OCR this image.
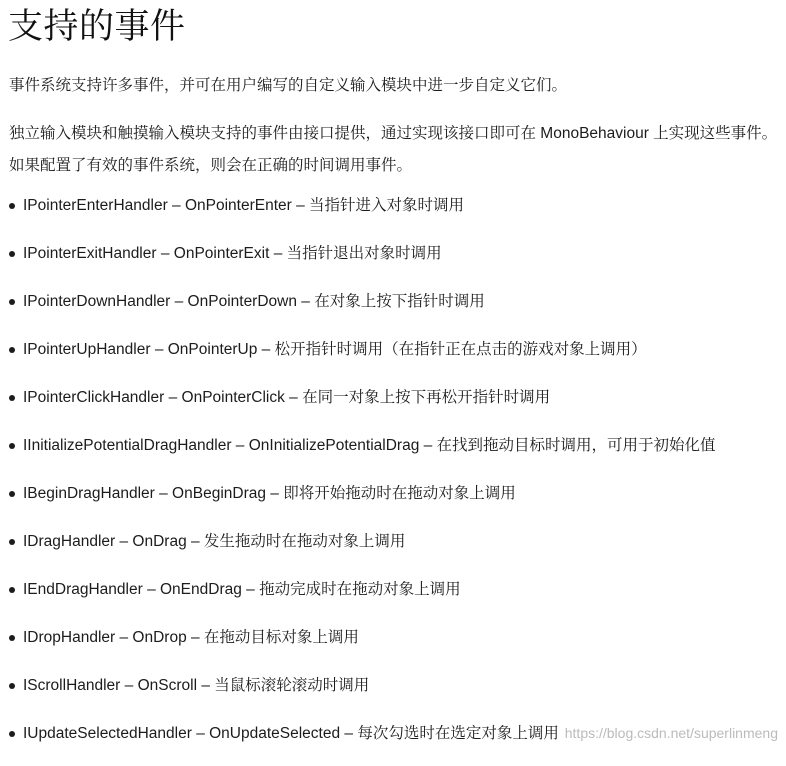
支持的事件

事件系统支持许多事件，并可在用户编写的自定义输入模块中进一步自定义它们。

独立输入模块和触摸输入模块支持的事件由接口提供，通过实现该接口即可在 MonoBehaviour 上实现这些事件。如果配置了有效的事件系统，则会在正确的时间调用事件。

IPointerEnterHandler – OnPointerEnter – 当指针进入对象时调用
IPointerExitHandler – OnPointerExit – 当指针退出对象时调用
IPointerDownHandler – OnPointerDown – 在对象上按下指针时调用
IPointerUpHandler – OnPointerUp – 松开指针时调用（在指针正在点击的游戏对象上调用）
IPointerClickHandler – OnPointerClick – 在同一对象上按下再松开指针时调用
IInitializePotentialDragHandler – OnInitializePotentialDrag – 在找到拖动目标时调用，可用于初始化值
IBeginDragHandler – OnBeginDrag – 即将开始拖动时在拖动对象上调用
IDragHandler – OnDrag – 发生拖动时在拖动对象上调用
IEndDragHandler – OnEndDrag – 拖动完成时在拖动对象上调用
IDropHandler – OnDrop – 在拖动目标对象上调用
IScrollHandler – OnScroll – 当鼠标滚轮滚动时调用
IUpdateSelectedHandler – OnUpdateSelected – 每次勾选时在选定对象上调用 https://blog.csdn.net/superlinmeng
